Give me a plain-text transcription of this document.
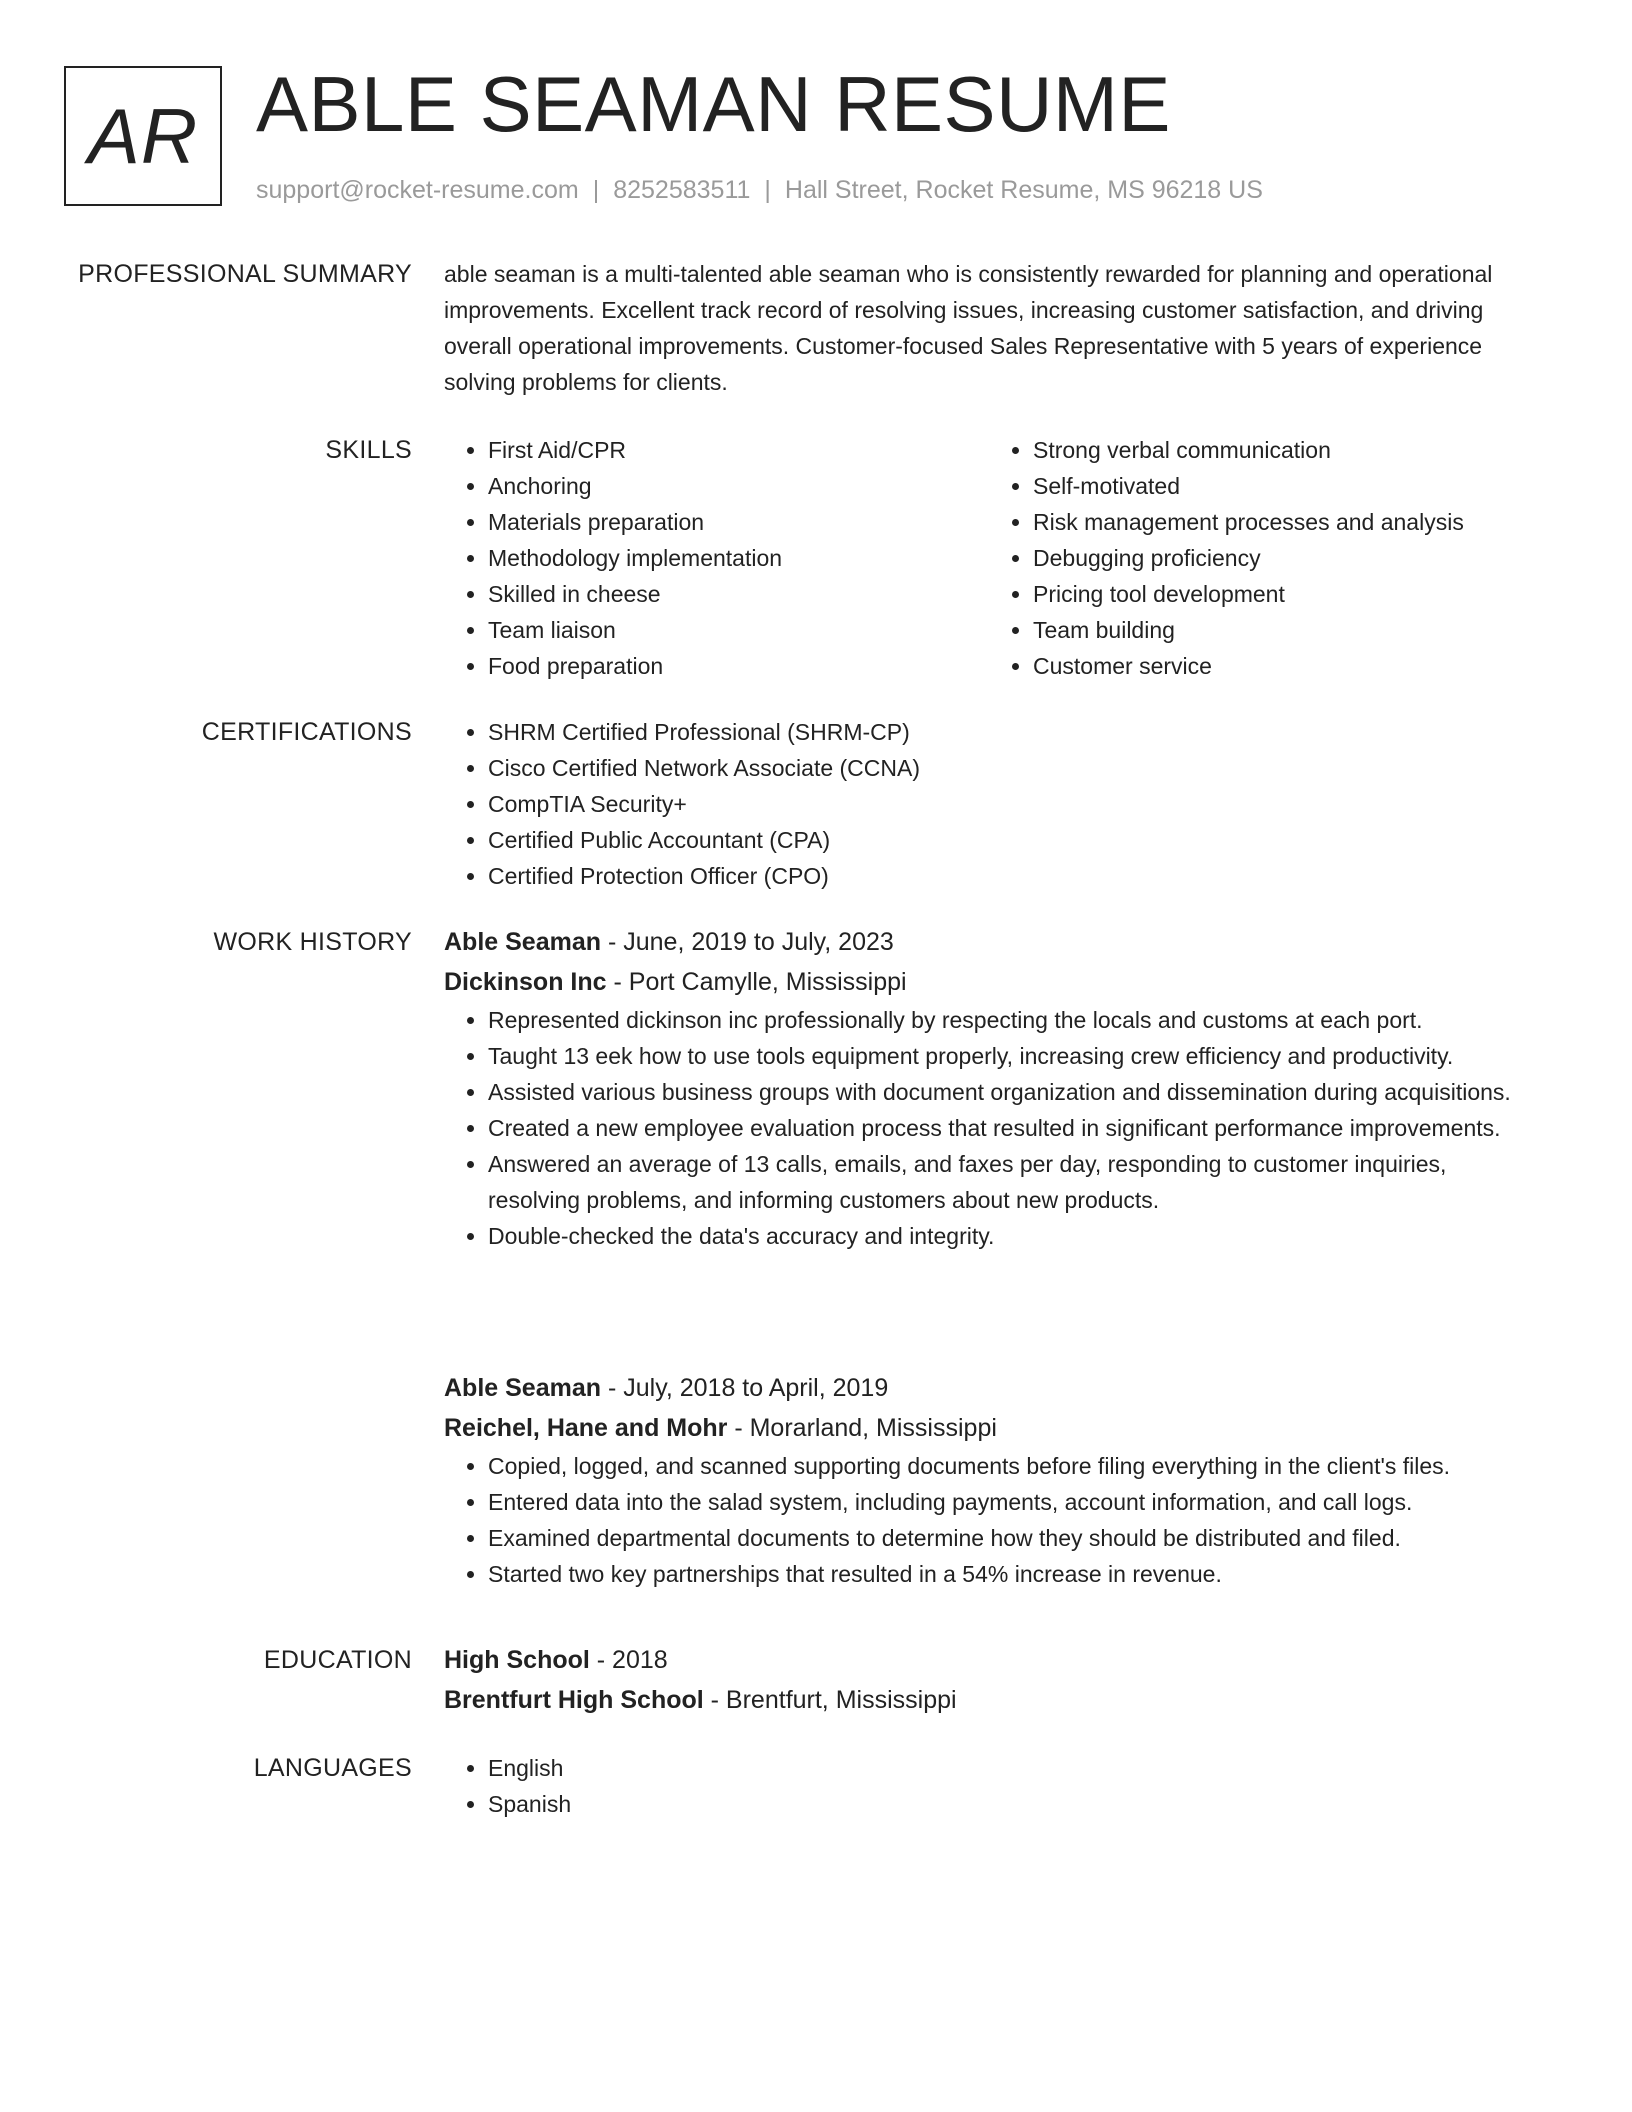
AR ABLE SEAMAN RESUME
support@rocket-resume.com | 8252583511 | Hall Street, Rocket Resume, MS 96218 US
PROFESSIONAL SUMMARY able seaman is a multi-talented able seaman who is consistently rewarded for planning and operational improvements. Excellent track record of resolving issues, increasing customer satisfaction, and driving overall operational improvements. Customer-focused Sales Representative with 5 years of experience solving problems for clients.

SKILLS	• First Aid/CPR
• Anchoring
• Materials preparation
• Methodology implementation
• Skilled in cheese
• Team liaison
• Food preparation
• Strong verbal communication
• Self-motivated
• Risk management processes and analysis
• Debugging proficiency
• Pricing tool development
• Team building
• Customer service
CERTIFICATIONS	• SHRM Certified Professional (SHRM-CP)
• Cisco Certified Network Associate (CCNA)
• CompTIA Security+
• Certified Public Accountant (CPA)
• Certified Protection Officer (CPO)
WORK HISTORY Able Seaman - June, 2019 to July, 2023
Dickinson Inc - Port Camylle, Mississippi
• Represented dickinson inc professionally by respecting the locals and customs at each port.
• Taught 13 eek how to use tools equipment properly, increasing crew efficiency and productivity.
• Assisted various business groups with document organization and dissemination during acquisitions.
• Created a new employee evaluation process that resulted in significant performance improvements.
• Answered an average of 13 calls, emails, and faxes per day, responding to customer inquiries, resolving problems, and informing customers about new products.
• Double-checked the data's accuracy and integrity.
Able Seaman - July, 2018 to April, 2019
Reichel, Hane and Mohr - Morarland, Mississippi
• Copied, logged, and scanned supporting documents before filing everything in the client's files.
• Entered data into the salad system, including payments, account information, and call logs.
• Examined departmental documents to determine how they should be distributed and filed.
• Started two key partnerships that resulted in a 54% increase in revenue.
EDUCATION High School - 2018
Brentfurt High School - Brentfurt, Mississippi
LANGUAGES	• English
• Spanish
